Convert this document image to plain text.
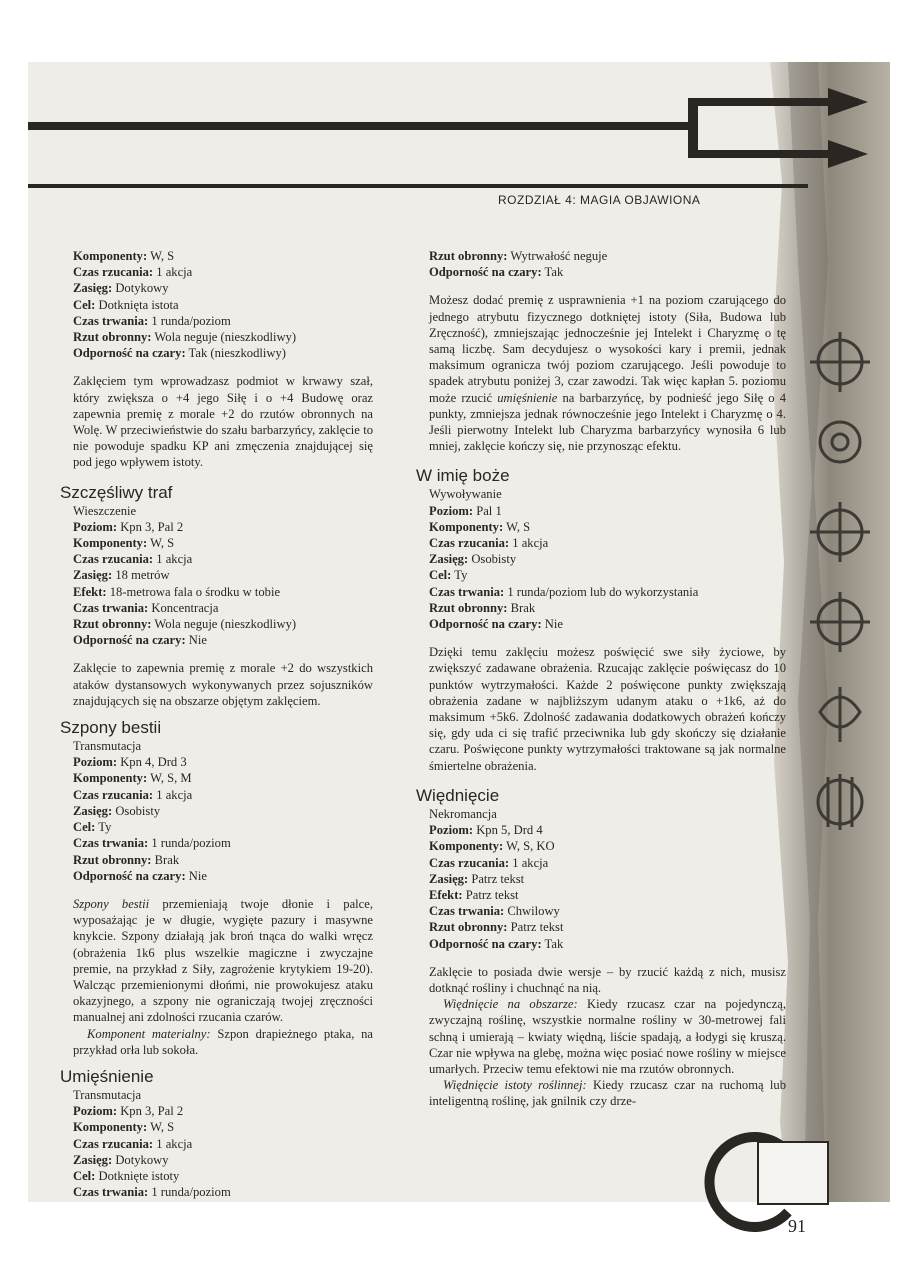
ROZDZIAŁ 4: MAGIA OBJAWIONA
Komponenty: W, S
Czas rzucania: 1 akcja
Zasięg: Dotykowy
Cel: Dotknięta istota
Czas trwania: 1 runda/poziom
Rzut obronny: Wola neguje (nieszkodliwy)
Odporność na czary: Tak (nieszkodliwy)

Zaklęciem tym wprowadzasz podmiot w krwawy szał, który zwiększa o +4 jego Siłę i o +4 Budowę oraz zapewnia premię z morale +2 do rzutów obronnych na Wolę. W przeciwieństwie do szału barbarzyńcy, zaklęcie to nie powoduje spadku KP ani zmęczenia znajdującej się pod jego wpływem istoty.

Szczęśliwy traf
Wieszczenie
Poziom: Kpn 3, Pal 2
Komponenty: W, S
Czas rzucania: 1 akcja
Zasięg: 18 metrów
Efekt: 18-metrowa fala o środku w tobie
Czas trwania: Koncentracja
Rzut obronny: Wola neguje (nieszkodliwy)
Odporność na czary: Nie

Zaklęcie to zapewnia premię z morale +2 do wszystkich ataków dystansowych wykonywanych przez sojuszników znajdujących się na obszarze objętym zaklęciem.

Szpony bestii
Transmutacja
Poziom: Kpn 4, Drd 3
Komponenty: W, S, M
Czas rzucania: 1 akcja
Zasięg: Osobisty
Cel: Ty
Czas trwania: 1 runda/poziom
Rzut obronny: Brak
Odporność na czary: Nie

Szpony bestii przemieniają twoje dłonie i palce, wyposażając je w długie, wygięte pazury i masywne knykcie. Szpony działają jak broń tnąca do walki wręcz (obrażenia 1k6 plus wszelkie magiczne i zwyczajne premie, na przykład z Siły, zagrożenie krytykiem 19-20). Walcząc przemienionymi dłońmi, nie prowokujesz ataku okazyjnego, a szpony nie ograniczają twojej zręczności manualnej ani zdolności rzucania czarów.

Komponent materialny: Szpon drapieżnego ptaka, na przykład orła lub sokoła.

Umięśnienie
Transmutacja
Poziom: Kpn 3, Pal 2
Komponenty: W, S
Czas rzucania: 1 akcja
Zasięg: Dotykowy
Cel: Dotknięte istoty
Czas trwania: 1 runda/poziom
Rzut obronny: Wytrwałość neguje
Odporność na czary: Tak

Możesz dodać premię z usprawnienia +1 na poziom czarującego do jednego atrybutu fizycznego dotkniętej istoty (Siła, Budowa lub Zręczność), zmniejszając jednocześnie jej Intelekt i Charyzmę o tę samą liczbę. Sam decydujesz o wysokości kary i premii, jednak maksimum ogranicza twój poziom czarującego. Jeśli powoduje to spadek atrybutu poniżej 3, czar zawodzi. Tak więc kapłan 5. poziomu może rzucić umięśnienie na barbarzyńcę, by podnieść jego Siłę o 4 punkty, zmniejsza jednak równocześnie jego Intelekt i Charyzmę o 4. Jeśli pierwotny Intelekt lub Charyzma barbarzyńcy wynosiła 6 lub mniej, zaklęcie kończy się, nie przynosząc efektu.

W imię boże
Wywoływanie
Poziom: Pal 1
Komponenty: W, S
Czas rzucania: 1 akcja
Zasięg: Osobisty
Cel: Ty
Czas trwania: 1 runda/poziom lub do wykorzystania
Rzut obronny: Brak
Odporność na czary: Nie

Dzięki temu zaklęciu możesz poświęcić swe siły życiowe, by zwiększyć zadawane obrażenia. Rzucając zaklęcie poświęcasz do 10 punktów wytrzymałości. Każde 2 poświęcone punkty zwiększają obrażenia zadane w najbliższym udanym ataku o +1k6, aż do maksimum +5k6. Zdolność zadawania dodatkowych obrażeń kończy się, gdy uda ci się trafić przeciwnika lub gdy skończy się działanie czaru. Poświęcone punkty wytrzymałości traktowane są jak normalne śmiertelne obrażenia.

Więdnięcie
Nekromancja
Poziom: Kpn 5, Drd 4
Komponenty: W, S, KO
Czas rzucania: 1 akcja
Zasięg: Patrz tekst
Efekt: Patrz tekst
Czas trwania: Chwilowy
Rzut obronny: Patrz tekst
Odporność na czary: Tak

Zaklęcie to posiada dwie wersje – by rzucić każdą z nich, musisz dotknąć rośliny i chuchnąć na nią.

Więdnięcie na obszarze: Kiedy rzucasz czar na pojedynczą, zwyczajną roślinę, wszystkie normalne rośliny w 30-metrowej fali schną i umierają – kwiaty więdną, liście spadają, a łodygi się kruszą. Czar nie wpływa na glebę, można więc posiać nowe rośliny w miejsce umarłych. Przeciw temu efektowi nie ma rzutów obronnych.

Więdnięcie istoty roślinnej: Kiedy rzucasz czar na ruchomą lub inteligentną roślinę, jak gnilnik czy drze-

91
